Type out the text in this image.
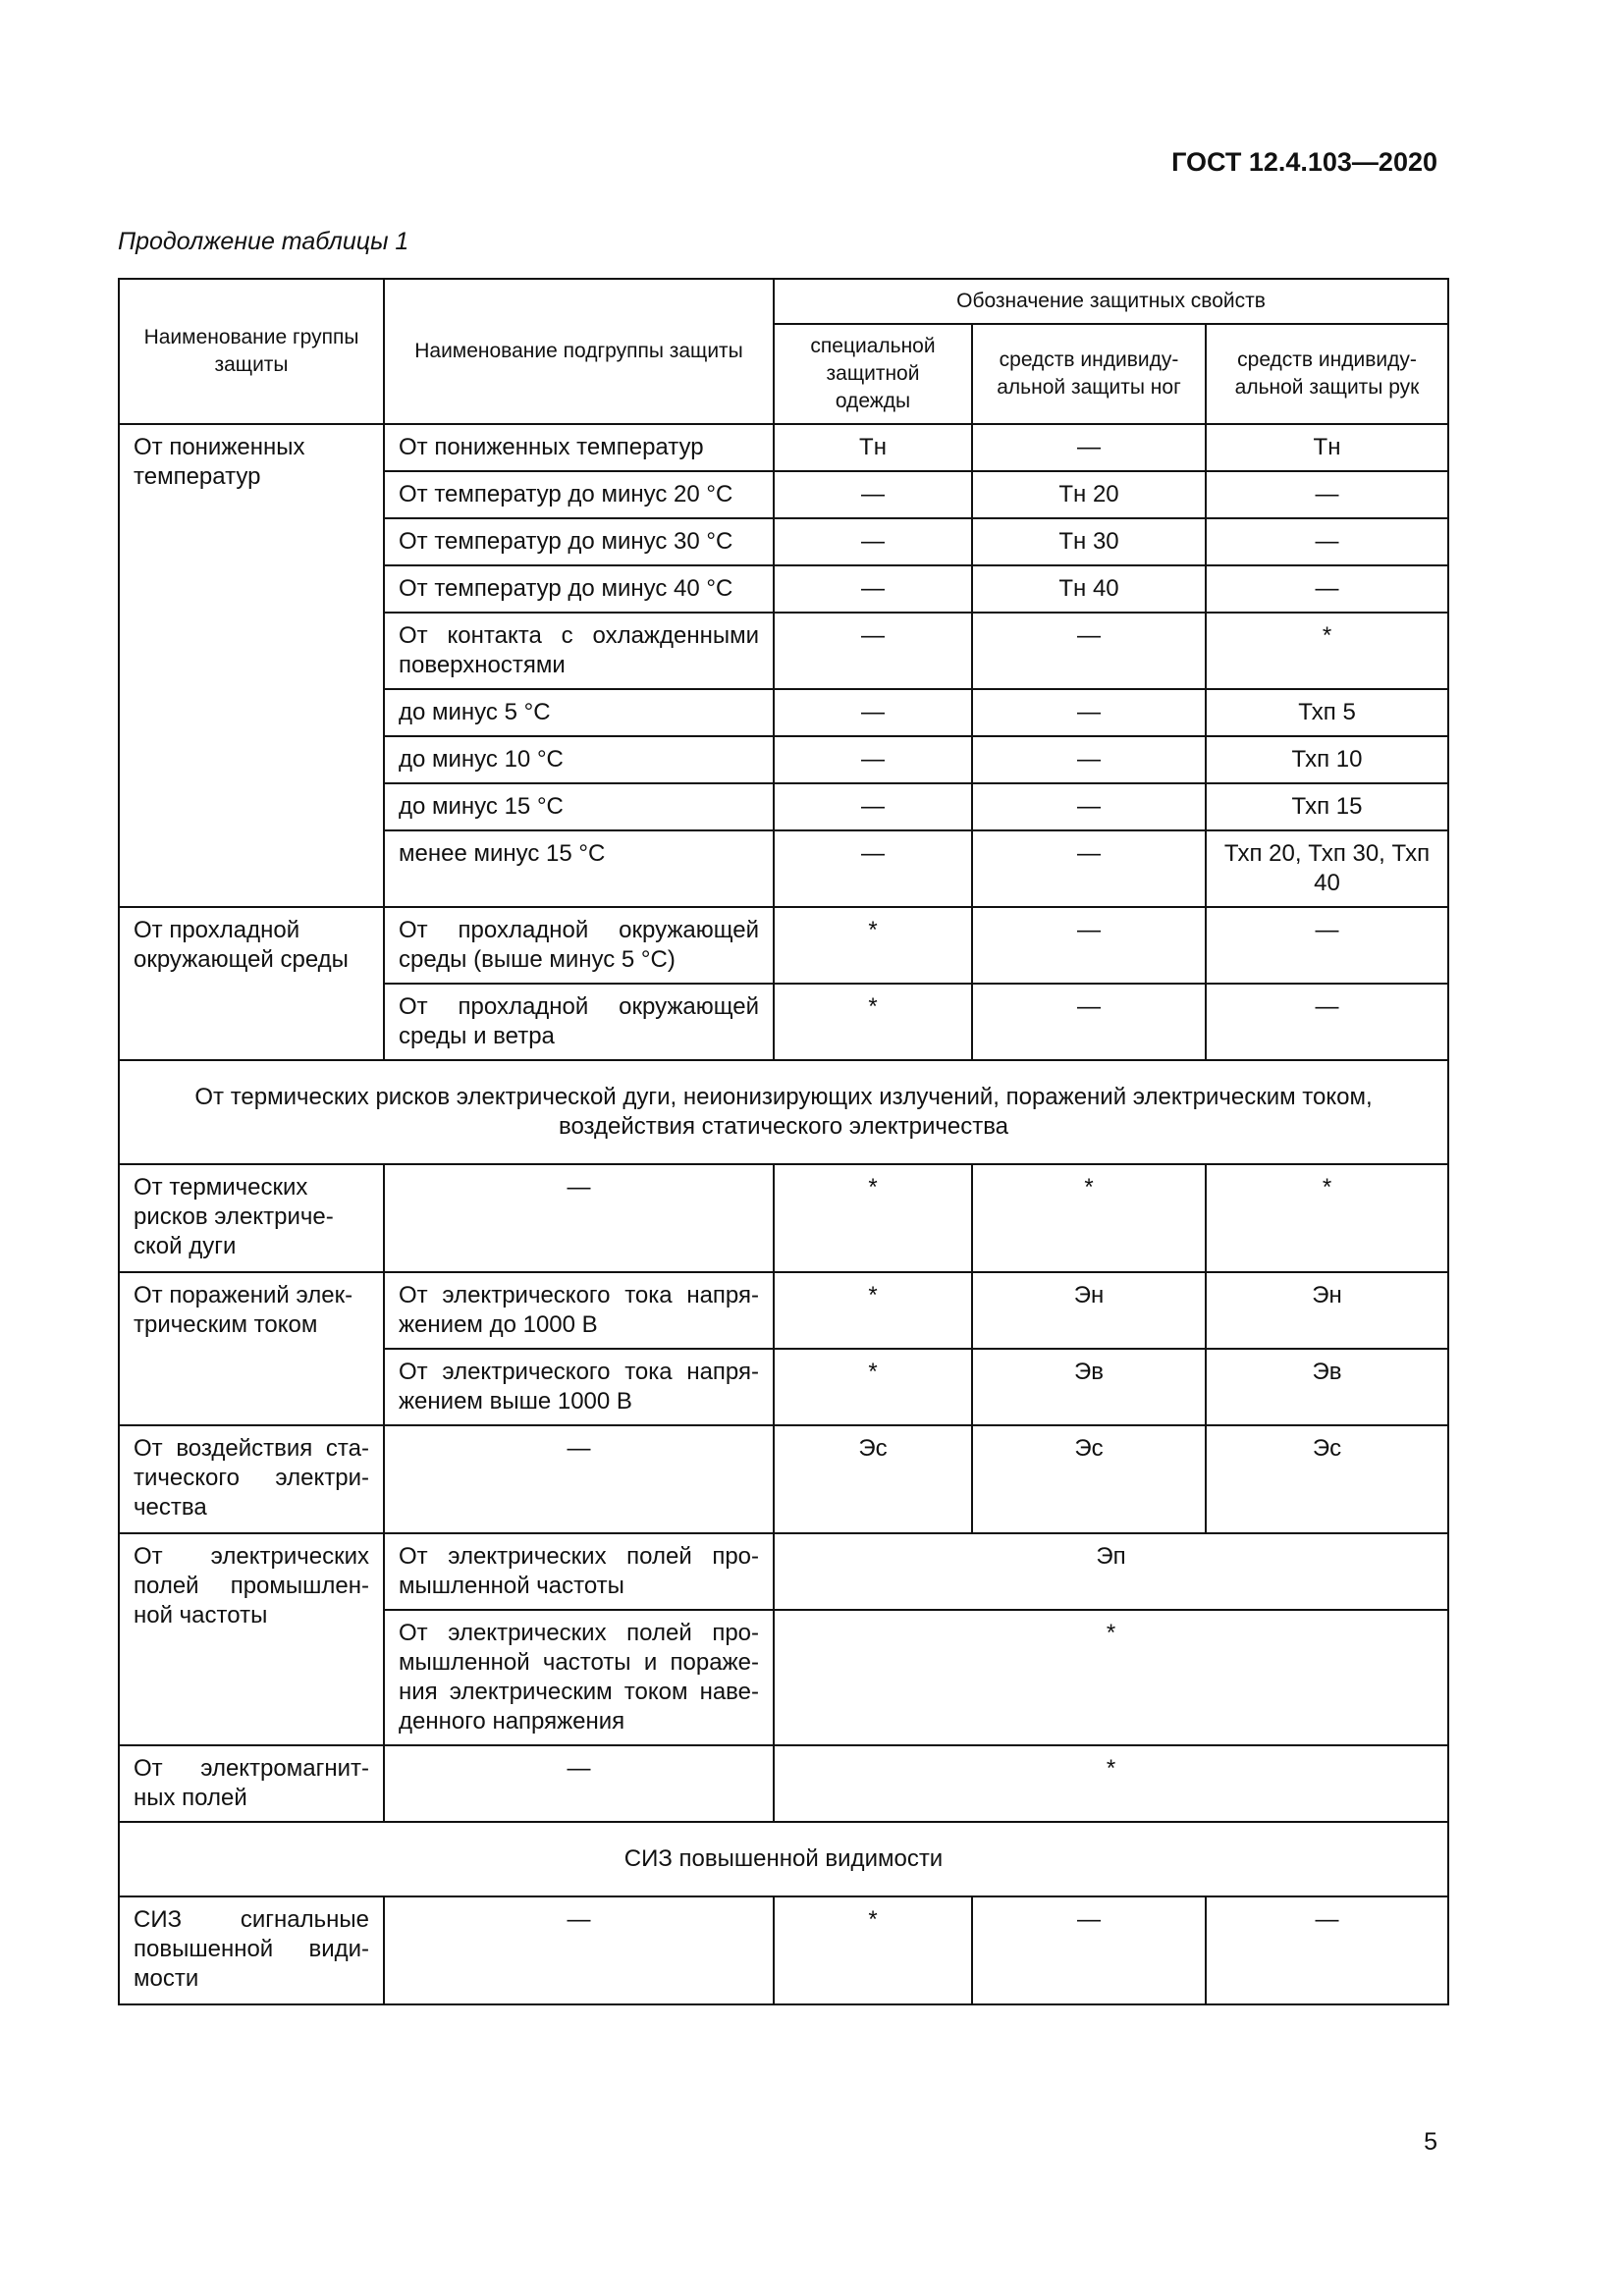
ГОСТ 12.4.103—2020
Продолжение таблицы 1
Наименование группы защиты	Наименование подгруппы защиты	Обозначение защитных свойств		
		специальной защитной одежды	средств индивиду-альной защиты ног	средств индивиду-альной защиты рук
От пониженных температур	От пониженных температур	Тн	—	Тн
	От температур до минус 20 °С	—	Тн 20	—
	От температур до минус 30 °С	—	Тн 30	—
	От температур до минус 40 °С	—	Тн 40	—
	От контакта с охлажденными поверхностями	—	—	*
	до минус 5 °С	—	—	Тхп 5
	до минус 10 °С	—	—	Тхп 10
	до минус 15 °С	—	—	Тхп 15
	менее минус 15 °С	—	—	Тхп 20, Тхп 30, Тхп 40
От прохладной окружающей среды	От прохладной окружающей среды (выше минус 5 °С)	*	—	—
	От прохладной окружающей среды и ветра	*	—	—
От термических рисков электрической дуги, неионизирующих излучений, поражений электрическим током, воздействия статического электричества				
От термических рисков электриче-ской дуги	—	*	*	*
От поражений элек-трическим током	От электрического тока напря-жением до 1000 В	*	Эн	Эн
	От электрического тока напря-жением выше 1000 В	*	Эв	Эв
От воздействия ста-тического электри-чества	—	Эс	Эс	Эс
От электрических полей промышлен-ной частоты	От электрических полей про-мышленной частоты	Эп		
	От электрических полей про-мышленной частоты и пораже-ния электрическим током наве-денного напряжения	*		
От электромагнит-ных полей	—	*		
СИЗ повышенной видимости				
СИЗ сигнальные повышенной види-мости	—	*	—	—
5
